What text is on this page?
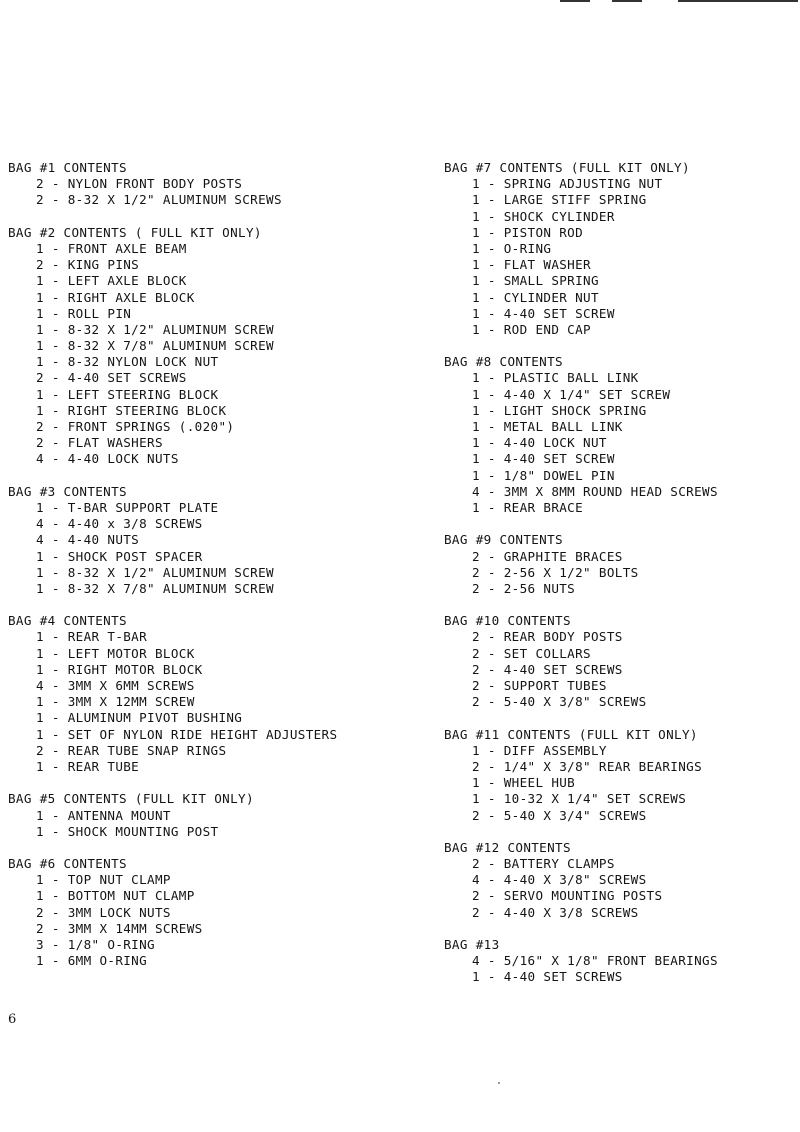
BAG #1 CONTENTS
2 - NYLON FRONT BODY POSTS
2 - 8-32 X 1/2" ALUMINUM SCREWS
BAG #2 CONTENTS ( FULL KIT ONLY)
1 - FRONT AXLE BEAM
2 - KING PINS
1 - LEFT AXLE BLOCK
1 - RIGHT AXLE BLOCK
1 - ROLL PIN
1 - 8-32 X 1/2" ALUMINUM SCREW
1 - 8-32 X 7/8" ALUMINUM SCREW
1 - 8-32 NYLON LOCK NUT
2 - 4-40 SET SCREWS
1 - LEFT STEERING BLOCK
1 - RIGHT STEERING BLOCK
2 - FRONT SPRINGS (.020")
2 - FLAT WASHERS
4 - 4-40 LOCK NUTS
BAG #3 CONTENTS
1 - T-BAR SUPPORT PLATE
4 - 4-40 x 3/8 SCREWS
4 - 4-40 NUTS
1 - SHOCK POST SPACER
1 - 8-32 X 1/2" ALUMINUM SCREW
1 - 8-32 X 7/8" ALUMINUM SCREW
BAG #4 CONTENTS
1 - REAR T-BAR
1 - LEFT MOTOR BLOCK
1 - RIGHT MOTOR BLOCK
4 - 3MM X 6MM SCREWS
1 - 3MM X 12MM SCREW
1 - ALUMINUM PIVOT BUSHING
1 - SET OF NYLON RIDE HEIGHT ADJUSTERS
2 - REAR TUBE SNAP RINGS
1 - REAR TUBE
BAG #5 CONTENTS (FULL KIT ONLY)
1 - ANTENNA MOUNT
1 - SHOCK MOUNTING POST
BAG #6 CONTENTS
1 - TOP NUT CLAMP
1 - BOTTOM NUT CLAMP
2 - 3MM LOCK NUTS
2 - 3MM X 14MM SCREWS
3 - 1/8" O-RING
1 - 6MM O-RING
BAG #7 CONTENTS (FULL KIT ONLY)
1 - SPRING ADJUSTING NUT
1 - LARGE STIFF SPRING
1 - SHOCK CYLINDER
1 - PISTON ROD
1 - O-RING
1 - FLAT WASHER
1 - SMALL SPRING
1 - CYLINDER NUT
1 - 4-40 SET SCREW
1 - ROD END CAP
BAG #8 CONTENTS
1 - PLASTIC BALL LINK
1 - 4-40 X 1/4" SET SCREW
1 - LIGHT SHOCK SPRING
1 - METAL BALL LINK
1 - 4-40 LOCK NUT
1 - 4-40 SET SCREW
1 - 1/8" DOWEL PIN
4 - 3MM X 8MM ROUND HEAD SCREWS
1 - REAR BRACE
BAG #9 CONTENTS
2 - GRAPHITE BRACES
2 - 2-56 X 1/2" BOLTS
2 - 2-56 NUTS
BAG #10 CONTENTS
2 - REAR BODY POSTS
2 - SET COLLARS
2 - 4-40 SET SCREWS
2 - SUPPORT TUBES
2 - 5-40 X 3/8" SCREWS
BAG #11 CONTENTS (FULL KIT ONLY)
1 - DIFF ASSEMBLY
2 - 1/4" X 3/8" REAR BEARINGS
1 - WHEEL HUB
1 - 10-32 X 1/4" SET SCREWS
2 - 5-40 X 3/4" SCREWS
BAG #12 CONTENTS
2 - BATTERY CLAMPS
4 - 4-40 X 3/8" SCREWS
2 - SERVO MOUNTING POSTS
2 - 4-40 X 3/8 SCREWS
BAG #13
4 - 5/16" X 1/8" FRONT BEARINGS
1 - 4-40 SET SCREWS
6
